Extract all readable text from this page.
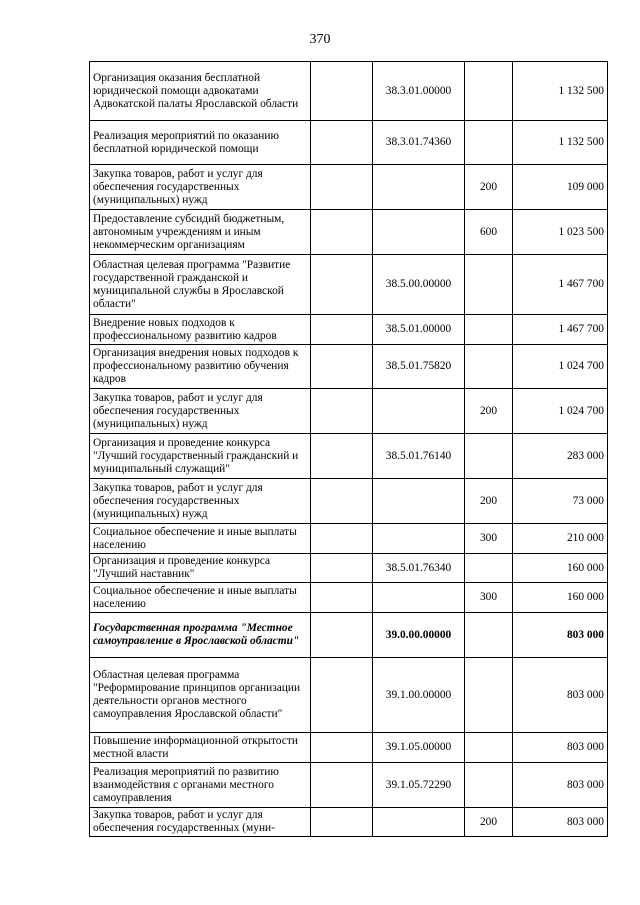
370
Организация оказания бесплатной юридической помощи адвокатами Адвокатской палаты Ярославской области		38.3.01.00000		1 132 500
Реализация мероприятий по оказанию бесплатной юридической помощи		38.3.01.74360		1 132 500
Закупка товаров, работ и услуг для обеспечения государственных (муниципальных) нужд			200	109 000
Предоставление субсидий бюджетным, автономным учреждениям и иным некоммерческим организациям			600	1 023 500
Областная целевая программа "Развитие государственной гражданской и муниципальной службы в Ярославской области"		38.5.00.00000		1 467 700
Внедрение новых подходов к профессиональному развитию кадров		38.5.01.00000		1 467 700
Организация внедрения новых подходов к профессиональному развитию обучения кадров		38.5.01.75820		1 024 700
Закупка товаров, работ и услуг для обеспечения государственных (муниципальных) нужд			200	1 024 700
Организация и проведение конкурса "Лучший государственный гражданский и муниципальный служащий"		38.5.01.76140		283 000
Закупка товаров, работ и услуг для обеспечения государственных (муниципальных) нужд			200	73 000
Социальное обеспечение и иные выплаты населению			300	210 000
Организация и проведение конкурса "Лучший наставник"		38.5.01.76340		160 000
Социальное обеспечение и иные выплаты населению			300	160 000
Государственная программа "Местное самоуправление в Ярославской области"		39.0.00.00000		803 000
Областная целевая программа "Реформирование принципов организации деятельности органов местного самоуправления Ярославской области"		39.1.00.00000		803 000
Повышение информационной открытости местной власти		39.1.05.00000		803 000
Реализация мероприятий по развитию взаимодействия с органами местного самоуправления		39.1.05.72290		803 000
Закупка товаров, работ и услуг для обеспечения государственных (муни-			200	803 000
